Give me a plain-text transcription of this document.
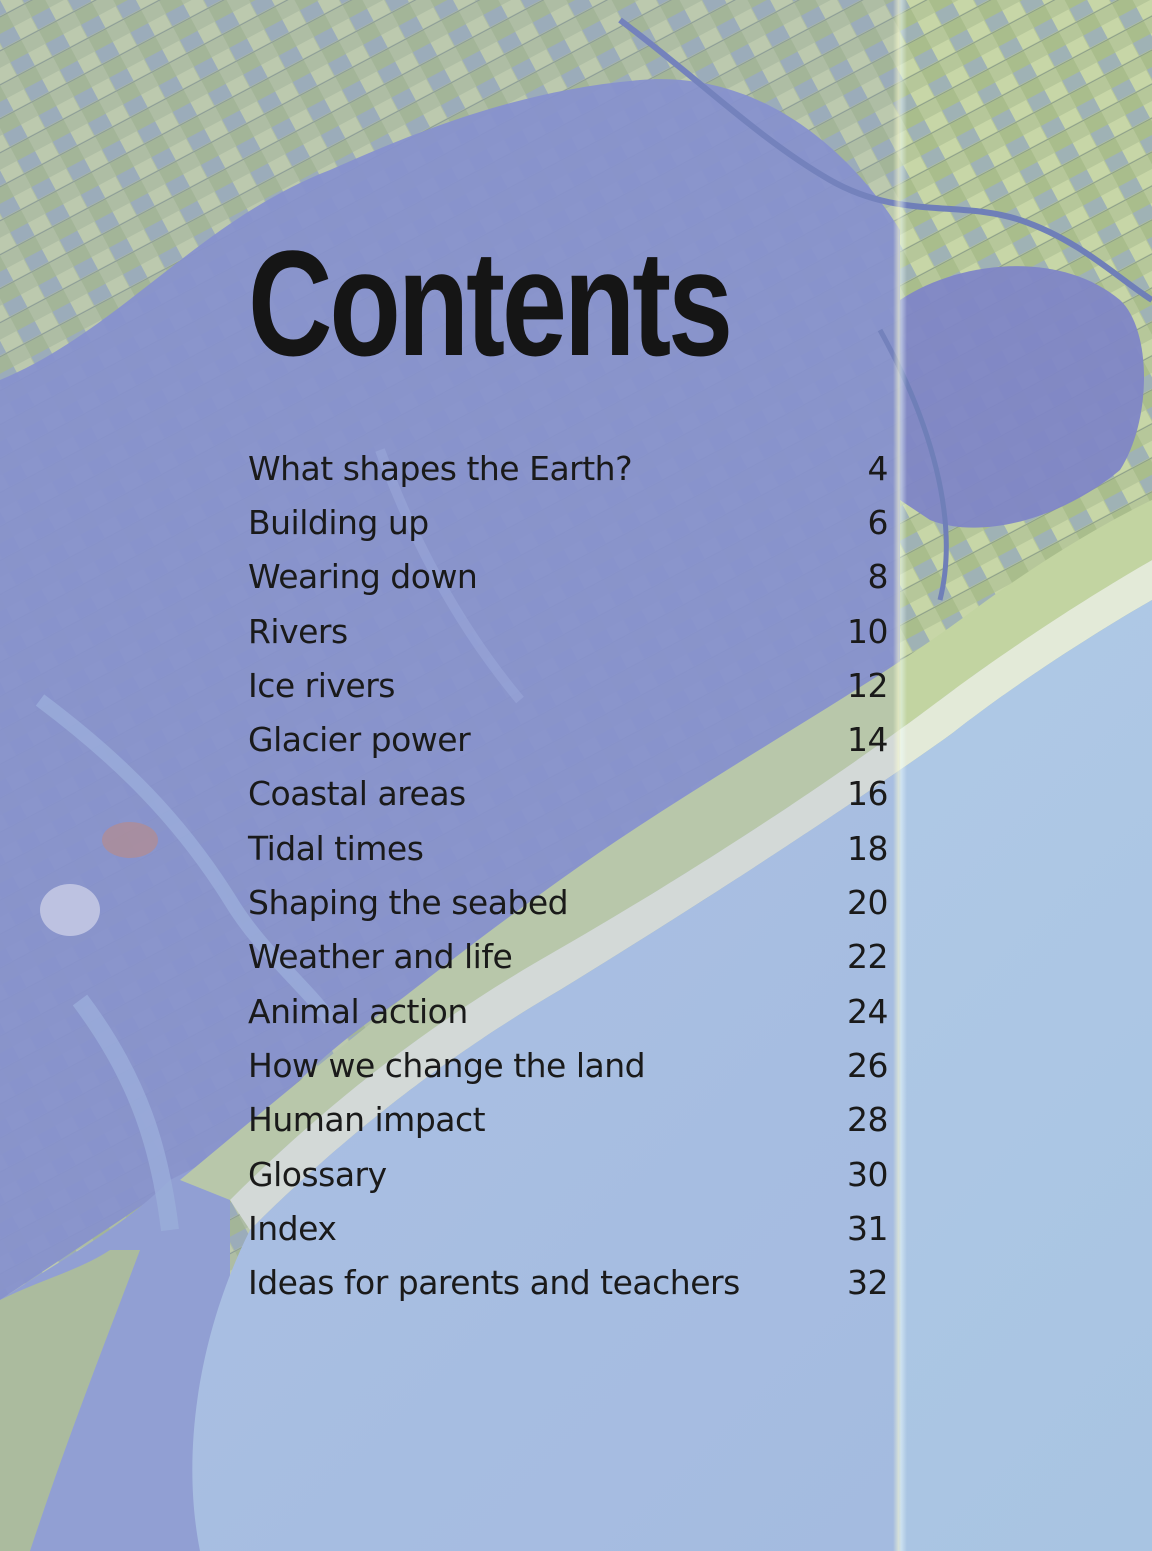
Contents
What shapes the Earth?	4
Building up	6
Wearing down	8
Rivers	10
Ice rivers	12
Glacier power	14
Coastal areas	16
Tidal times	18
Shaping the seabed	20
Weather and life	22
Animal action	24
How we change the land	26
Human impact	28
Glossary	30
Index	31
Ideas for parents and teachers	32
